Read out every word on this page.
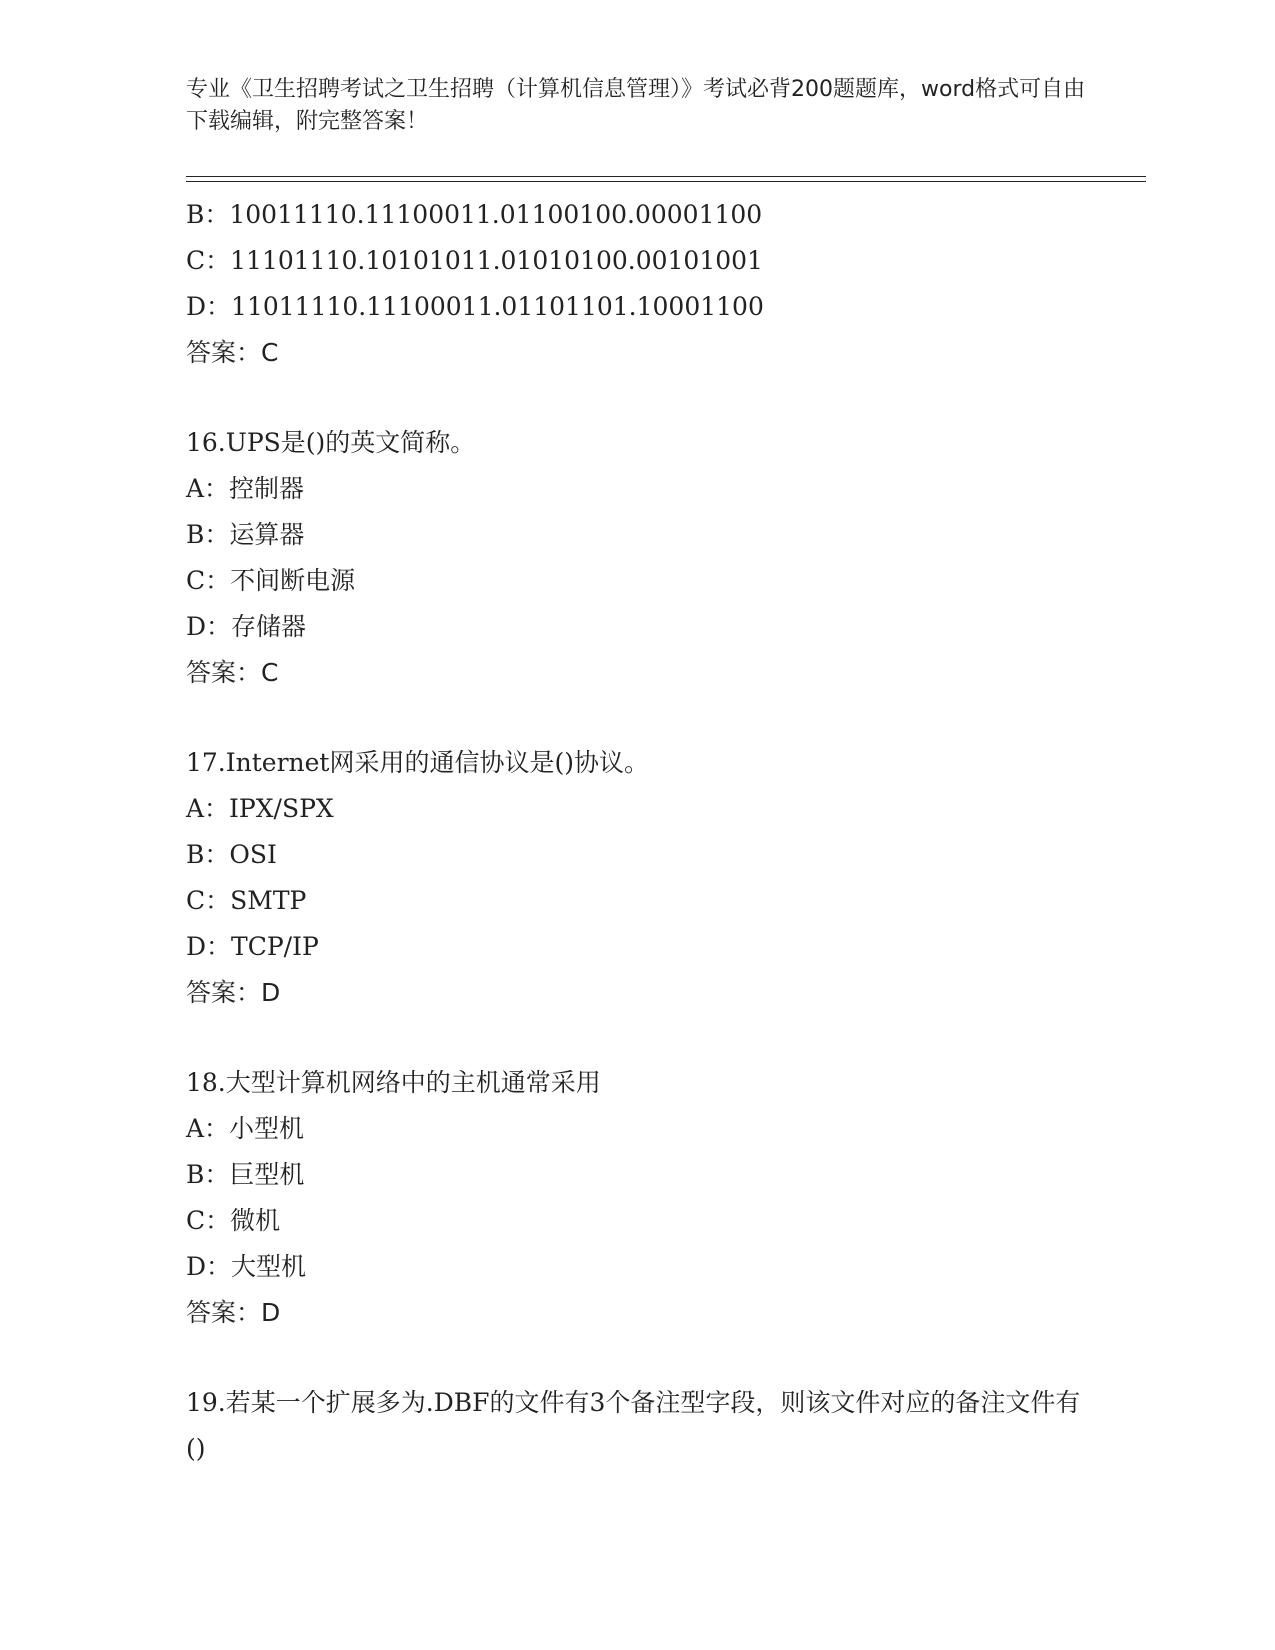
专业《卫生招聘考试之卫生招聘（计算机信息管理）》考试必背200题题库，word格式可自由下载编辑，附完整答案！
B：10011110.11100011.01100100.00001100
C：11101110.10101011.01010100.00101001
D：11011110.11100011.01101101.10001100
答案：C
16.UPS是()的英文简称。
A：控制器
B：运算器
C：不间断电源
D：存储器
答案：C
17.Internet网采用的通信协议是()协议。
A：IPX/SPX
B：OSI
C：SMTP
D：TCP/IP
答案：D
18.大型计算机网络中的主机通常采用
A：小型机
B：巨型机
C：微机
D：大型机
答案：D
19.若某一个扩展多为.DBF的文件有3个备注型字段，则该文件对应的备注文件有()
